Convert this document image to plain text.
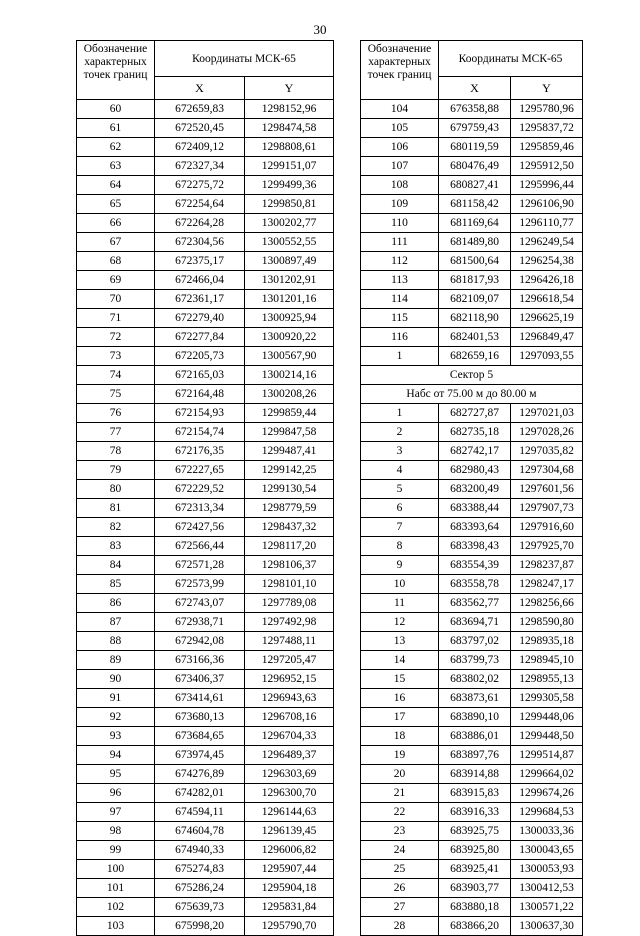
30
Обозначение характерных точек границ	Координаты МСК-65	
	X	Y
60	672659,83	1298152,96
61	672520,45	1298474,58
62	672409,12	1298808,61
63	672327,34	1299151,07
64	672275,72	1299499,36
65	672254,64	1299850,81
66	672264,28	1300202,77
67	672304,56	1300552,55
68	672375,17	1300897,49
69	672466,04	1301202,91
70	672361,17	1301201,16
71	672279,40	1300925,94
72	672277,84	1300920,22
73	672205,73	1300567,90
74	672165,03	1300214,16
75	672164,48	1300208,26
76	672154,93	1299859,44
77	672154,74	1299847,58
78	672176,35	1299487,41
79	672227,65	1299142,25
80	672229,52	1299130,54
81	672313,34	1298779,59
82	672427,56	1298437,32
83	672566,44	1298117,20
84	672571,28	1298106,37
85	672573,99	1298101,10
86	672743,07	1297789,08
87	672938,71	1297492,98
88	672942,08	1297488,11
89	673166,36	1297205,47
90	673406,37	1296952,15
91	673414,61	1296943,63
92	673680,13	1296708,16
93	673684,65	1296704,33
94	673974,45	1296489,37
95	674276,89	1296303,69
96	674282,01	1296300,70
97	674594,11	1296144,63
98	674604,78	1296139,45
99	674940,33	1296006,82
100	675274,83	1295907,44
101	675286,24	1295904,18
102	675639,73	1295831,84
103	675998,20	1295790,70
Обозначение характерных точек границ	Координаты МСК-65	
	X	Y
104	676358,88	1295780,96
105	679759,43	1295837,72
106	680119,59	1295859,46
107	680476,49	1295912,50
108	680827,41	1295996,44
109	681158,42	1296106,90
110	681169,64	1296110,77
111	681489,80	1296249,54
112	681500,64	1296254,38
113	681817,93	1296426,18
114	682109,07	1296618,54
115	682118,90	1296625,19
116	682401,53	1296849,47
1	682659,16	1297093,55
Сектор 5		
Набс от 75.00 м до 80.00 м		
1	682727,87	1297021,03
2	682735,18	1297028,26
3	682742,17	1297035,82
4	682980,43	1297304,68
5	683200,49	1297601,56
6	683388,44	1297907,73
7	683393,64	1297916,60
8	683398,43	1297925,70
9	683554,39	1298237,87
10	683558,78	1298247,17
11	683562,77	1298256,66
12	683694,71	1298590,80
13	683797,02	1298935,18
14	683799,73	1298945,10
15	683802,02	1298955,13
16	683873,61	1299305,58
17	683890,10	1299448,06
18	683886,01	1299448,50
19	683897,76	1299514,87
20	683914,88	1299664,02
21	683915,83	1299674,26
22	683916,33	1299684,53
23	683925,75	1300033,36
24	683925,80	1300043,65
25	683925,41	1300053,93
26	683903,77	1300412,53
27	683880,18	1300571,22
28	683866,20	1300637,30
